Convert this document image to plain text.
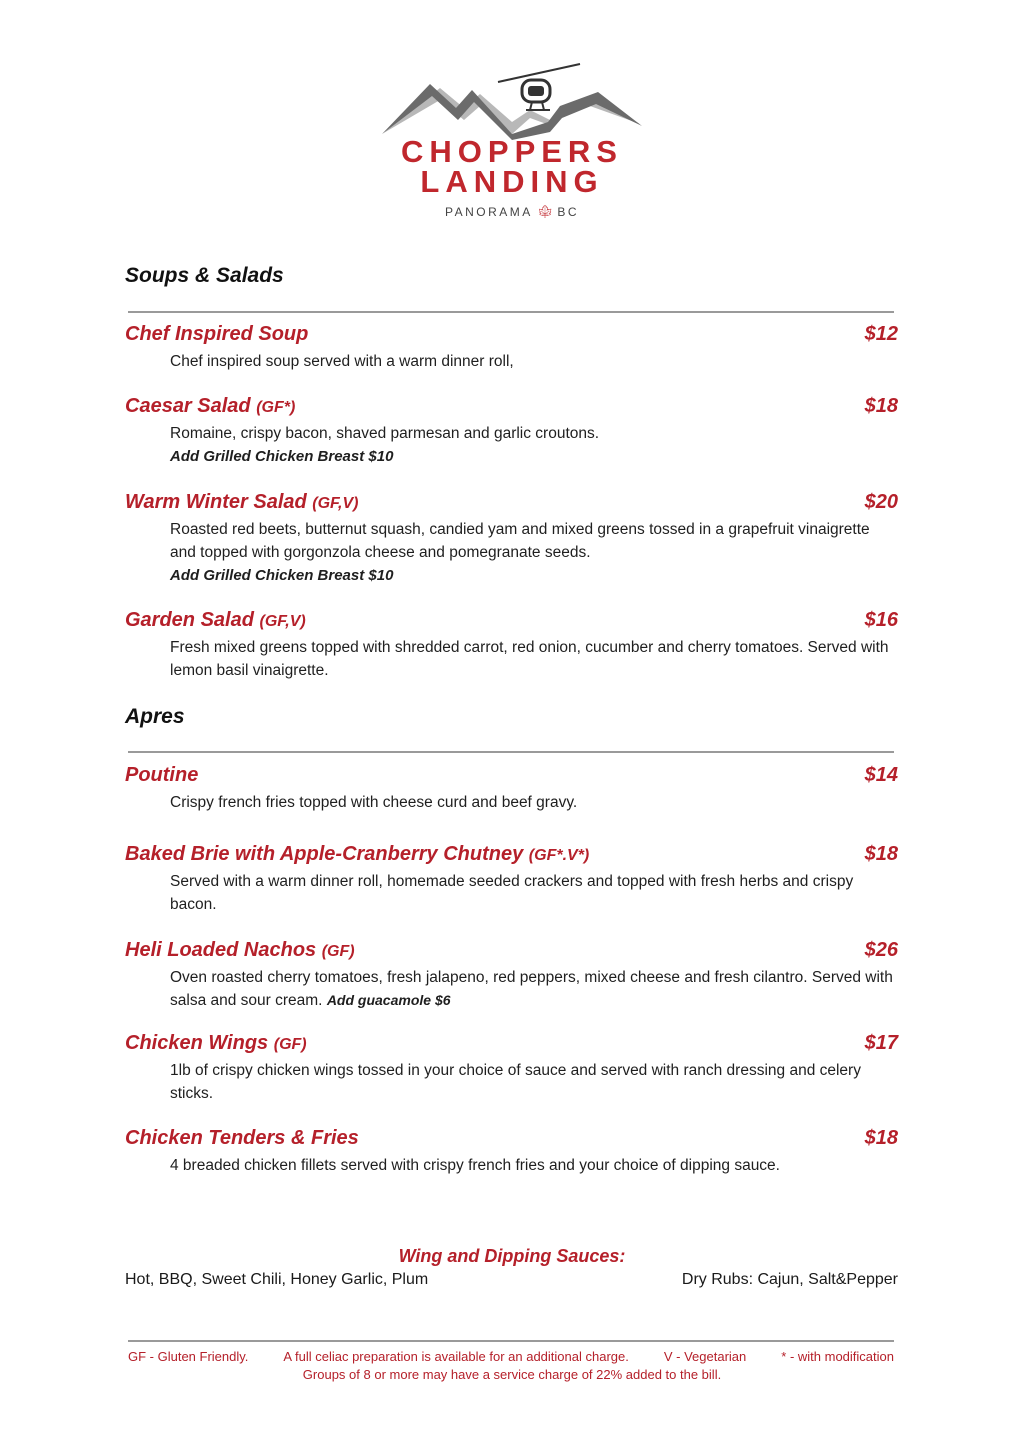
CHOPPERS
LANDING
PANORAMA 🍁︎ BC
Soups & Salads
Chef Inspired Soup	$12
Chef inspired soup served with a warm dinner roll,
Caesar Salad (GF*)	$18
Romaine, crispy bacon, shaved parmesan and garlic croutons.
Add Grilled Chicken Breast $10
Warm Winter Salad (GF,V)	$20
Roasted red beets, butternut squash, candied yam and mixed greens tossed in a grapefruit vinaigrette and topped with gorgonzola cheese and pomegranate seeds.
Add Grilled Chicken Breast $10
Garden Salad (GF,V)	$16
Fresh mixed greens topped with shredded carrot, red onion, cucumber and cherry tomatoes. Served with lemon basil vinaigrette.
Apres
Poutine	$14
Crispy french fries topped with cheese curd and beef gravy.
Baked Brie with Apple-Cranberry Chutney (GF*.V*)	$18
Served with a warm dinner roll, homemade seeded crackers and topped with fresh herbs and crispy bacon.
Heli Loaded Nachos (GF)	$26
Oven roasted cherry tomatoes, fresh jalapeno, red peppers, mixed cheese and fresh cilantro. Served with salsa and sour cream. Add guacamole $6
Chicken Wings (GF)	$17
1lb of crispy chicken wings tossed in your choice of sauce and served with ranch dressing and celery sticks.
Chicken Tenders & Fries	$18
4 breaded chicken fillets served with crispy french fries and your choice of dipping sauce.
Wing and Dipping Sauces:
Hot, BBQ, Sweet Chili, Honey Garlic, Plum	Dry Rubs: Cajun, Salt&Pepper
GF - Gluten Friendly.	A full celiac preparation is available for an additional charge.	V - Vegetarian	* - with modification
Groups of 8 or more may have a service charge of 22% added to the bill.
